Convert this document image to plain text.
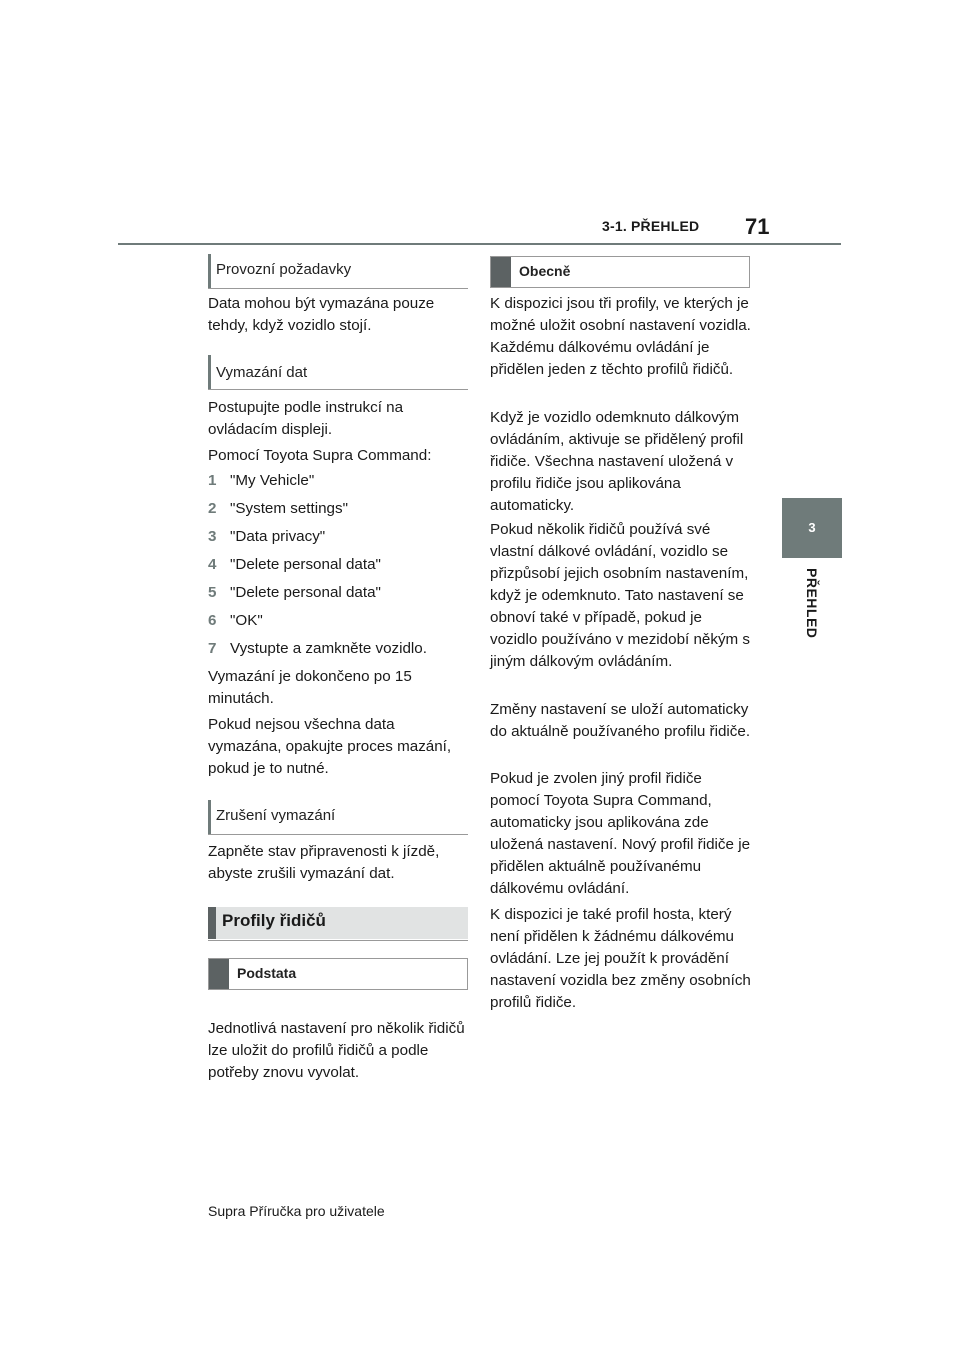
3-1. PŘEHLED 71
3
PŘEHLED
Provozní požadavky
Data mohou být vymazána pouze tehdy, když vozidlo stojí.
Vymazání dat
Postupujte podle instrukcí na ovládacím displeji.
Pomocí Toyota Supra Command:
1 "My Vehicle"
2 "System settings"
3 "Data privacy"
4 "Delete personal data"
5 "Delete personal data"
6 "OK"
7 Vystupte a zamkněte vozidlo.
Vymazání je dokončeno po 15 minutách.
Pokud nejsou všechna data vymazána, opakujte proces mazání, pokud je to nutné.
Zrušení vymazání
Zapněte stav připravenosti k jízdě, abyste zrušili vymazání dat.
Profily řidičů
Podstata
Jednotlivá nastavení pro několik řidičů lze uložit do profilů řidičů a podle potřeby znovu vyvolat.
Obecně
K dispozici jsou tři profily, ve kterých je možné uložit osobní nastavení vozidla. Každému dálkovému ovládání je přidělen jeden z těchto profilů řidičů.
Když je vozidlo odemknuto dálkovým ovládáním, aktivuje se přidělený profil řidiče. Všechna nastavení uložená v profilu řidiče jsou aplikována automaticky.
Pokud několik řidičů používá své vlastní dálkové ovládání, vozidlo se přizpůsobí jejich osobním nastavením, když je odemknuto. Tato nastavení se obnoví také v případě, pokud je vozidlo používáno v mezidobí někým s jiným dálkovým ovládáním.
Změny nastavení se uloží automaticky do aktuálně používaného profilu řidiče.
Pokud je zvolen jiný profil řidiče pomocí Toyota Supra Command, automaticky jsou aplikována zde uložená nastavení. Nový profil řidiče je přidělen aktuálně používanému dálkovému ovládání.
K dispozici je také profil hosta, který není přidělen k žádnému dálkovému ovládání. Lze jej použít k provádění nastavení vozidla bez změny osobních profilů řidiče.
Supra Příručka pro uživatele
